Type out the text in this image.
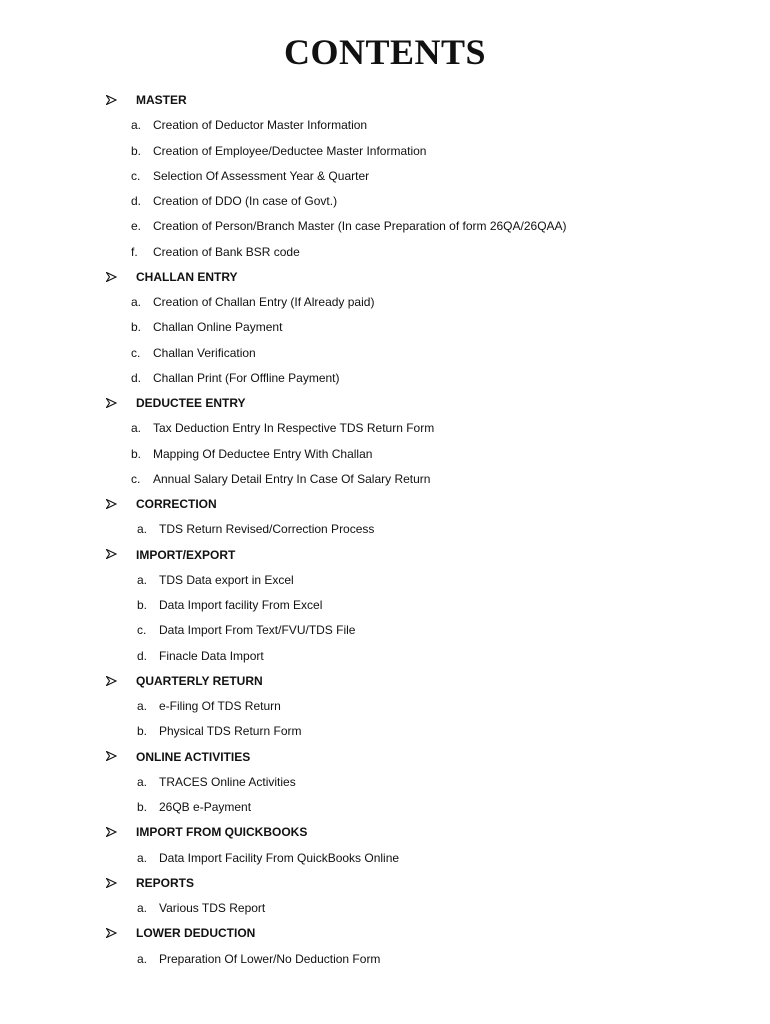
CONTENTS
MASTER
a. Creation of Deductor Master Information
b. Creation of Employee/Deductee Master Information
c.	Selection Of Assessment Year & Quarter
d. Creation of DDO (In case of Govt.)
e. Creation of Person/Branch Master (In case Preparation of form 26QA/26QAA)
f.	Creation of Bank BSR code
CHALLAN ENTRY
a. Creation of Challan Entry (If Already paid)
b. Challan Online Payment
c.	Challan Verification
d. Challan Print (For Offline Payment)
DEDUCTEE ENTRY
a. Tax Deduction Entry In Respective TDS Return Form
b. Mapping Of Deductee Entry With Challan
c.	Annual Salary Detail Entry In Case Of Salary Return
CORRECTION
a. TDS Return Revised/Correction Process
IMPORT/EXPORT
a. TDS Data export in Excel
b. Data Import facility From Excel
c.	Data Import From Text/FVU/TDS File
d. Finacle Data Import
QUARTERLY RETURN
a. e-Filing Of TDS Return
b. Physical TDS Return Form
ONLINE ACTIVITIES
a. TRACES Online Activities
b. 26QB e-Payment
IMPORT FROM QUICKBOOKS
a. Data Import Facility From QuickBooks Online
REPORTS
a. Various TDS Report
LOWER DEDUCTION
a. Preparation Of Lower/No Deduction Form
